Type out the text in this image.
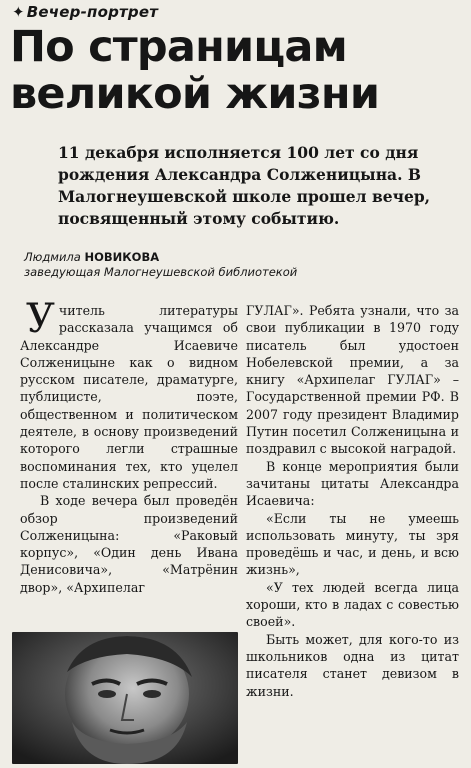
✦ Вечер-портрет
По страницам
великой жизни
11 декабря исполняется 100 лет со дня рождения Александра Солженицына. В Малогнеушевской школе прошел вечер, посвященный этому событию.
Людмила НОВИКОВА
заведующая Малогнеушевской библиотекой

Учитель литературы рассказала учащимся об Александре Исаевиче Солженицыне как о видном русском писателе, драматурге, публицисте, поэте, общественном и политическом деятеле, в основу произведений которого легли страшные воспоминания тех, кто уцелел после сталинских репрессий.

В ходе вечера был проведён обзор произведений Солженицына: «Раковый корпус», «Один день Ивана Денисовича», «Матрёнин двор», «Архипелаг

ГУЛАГ». Ребята узнали, что за свои публикации в 1970 году писатель был удостоен Нобелевской премии, а за книгу «Архипелаг ГУЛАГ» – Государственной премии РФ. В 2007 году президент Владимир Путин посетил Солженицына и поздравил с высокой наградой.

В конце мероприятия были зачитаны цитаты Александра Исаевича:

«Если ты не умеешь использовать минуту, ты зря проведёшь и час, и день, и всю жизнь»,

«У тех людей всегда лица хороши, кто в ладах с совестью своей».

Быть может, для кого-то из школьников одна из цитат писателя станет девизом в жизни.
